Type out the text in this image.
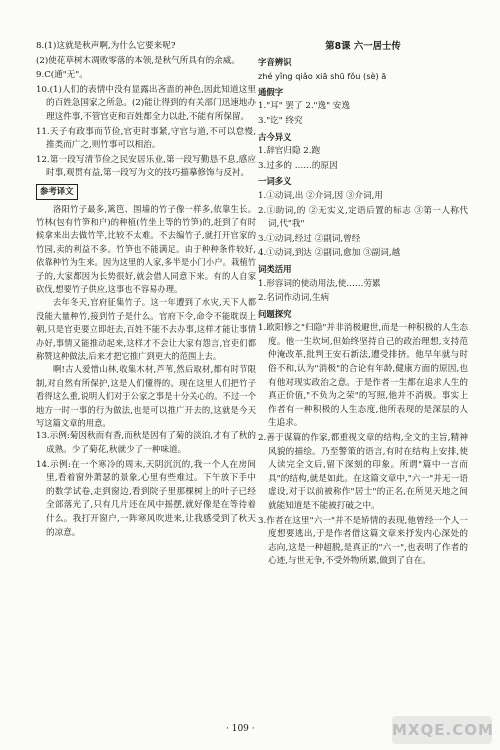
8.(1)这就是秋声啊,为什么它要来呢?

(2)使花草树木凋败零落的本领,是秋气所具有的余威。

9.C(通"无"。

10.(1)人们的表情中没有显露出吝啬的神色,因此知道这里的百姓急国家之所急。(2)能让得到的有关部门迅速地办理这件事,不管官吏和百姓都全力以赴,不能有所保留。

11.天子有政事而节俭,官吏时事紧,守官与道,不可以怠慢,推类而广之,则竹事可以相治。

12.第一段写清节俭之民安居乐业,第一段写勤恳不息,感应时事,观贯有益,第一段写为文的技巧描摹修饰与反衬。

参考译文

洛阳竹子最多,篱笆、围墙的竹子像一样多,依靠生长。竹林(包有竹笋和户)的种植(竹坐上等的竹笋)的,赶到了有时候拿来出去做竹竿,比较不太难。不去编竹子,就打开官家的竹园,卖的利益不多。竹笋也不能满足。由于种种条件较好,依靠种竹为生来。因为这里的人家,多半是小门小户。栽植竹子的,大家都因为长势很好,就会借人同意下来。有的人自家砍伐,想要竹子供应,这事也不容易办理。

去年冬天,官府征集竹子。这一年遭到了水灾,天下人都没能大量种竹,接到竹子是什么。官府下令,命令不能耽误上朝,只是官吏要立即赶去,百姓不能不去办事,这样才能让事情办好,事情又能推动起来,这样才不会让大家有怨言,官吏们都称赞这种做法,后来才把它推广到更大的范围上去。

啊!古人爱惜山林,收集木材,芦苇,然后取材,都有时节限制,对自然有所保护,这是人们懂得的。现在这里人们把竹子看得这么重,说明人们对于公家之事是十分关心的。不过一个地方一时一事的行为做法,也是可以推广开去的,这就是今天写这篇文章的用意。

13.示例:菊因秋而有香,而秋是因有了菊的淡泊,才有了秋的成熟。少了菊花,秋就少了一种味道。

14.示例:在一个寒冷的周末,天阴沉沉的,我一个人在房间里,看着窗外萧瑟的景象,心里有些难过。下午放下手中的数学试卷,走到窗边,看到院子里那棵树上的叶子已经全部落光了,只有几片还在风中摇摆,就好像是在等待着什么。我打开窗户,一阵寒风吹进来,让我感受到了秋天的凉意。

第8课 六一居士传
字音辨识
zhé yǐng qiǎo xiā shū fǒu (sè) ā
通假字

1."耳" 罢了 2."逸" 安逸

3."讫" 终究

古今异义

1.辞官归隐 2.跑

3.过多的 ……的原因

一词多义

1.①动词,出 ②介词,因 ③介词,用

2.①助词,的 ②无实义,定语后置的标志 ③第一人称代词,代"我"

3.①动词,经过 ②副词,曾经

4.①动词,到达 ②副词,愈加 ③副词,越

词类活用

1.形容词的使动用法,使……劳累

2.名词作动词,生病

问题探究

1.欧阳修之"归隐"并非消极避世,而是一种积极的人生态度。他一生坎坷,但始终坚持自己的政治理想,支持范仲淹改革,批判王安石新法,遭受排挤。他早年就与时俗不和,认为"消极"的合论有年龄,健康方面的原因,也有他对现实政治之意。于是作者一生都在追求人生的真正价值,"不负为之荣"的写照,他并不消极。事实上作者有一种积极的人生态度,他所表现的是深层的人生追求。

2.善于谋篇的作家,都重视文章的结构,全文的主旨,精神风貌的描绘。乃至警策的语言,有时在结构上安排,使人读完全文后,留下深刻的印象。所谓"篇中一言而具"的结构,就是如此。在这篇文章中,"六一"并无一语虚设,对于以前被称作"居士"的正名,在所见天地之间就能知道是不能被打破之中。

3.作者在这里"六一"并不是矫情的表现,他曾经一个人一度想要逃出,于是作者借这篇文章来抒发内心深处的志向,这是一种超脱,是真正的"六一",也表明了作者的心迹,与世无争,不受外物所累,做到了自在。

· 109 ·	MXQE.COM
